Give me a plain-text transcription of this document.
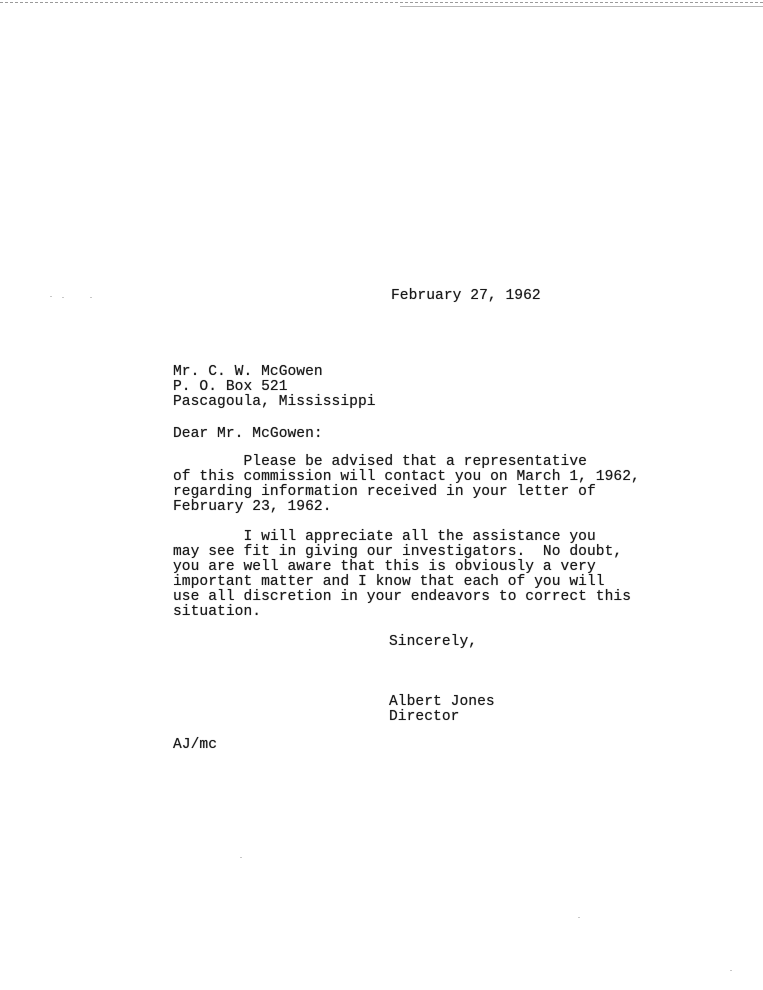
February 27, 1962
Mr. C. W. McGowen
P. O. Box 521
Pascagoula, Mississippi
Dear Mr. McGowen:
Please be advised that a representative
of this commission will contact you on March 1, 1962,
regarding information received in your letter of
February 23, 1962.
I will appreciate all the assistance you
may see fit in giving our investigators.  No doubt,
you are well aware that this is obviously a very
important matter and I know that each of you will
use all discretion in your endeavors to correct this
situation.
Sincerely,
Albert Jones
Director
AJ/mc
